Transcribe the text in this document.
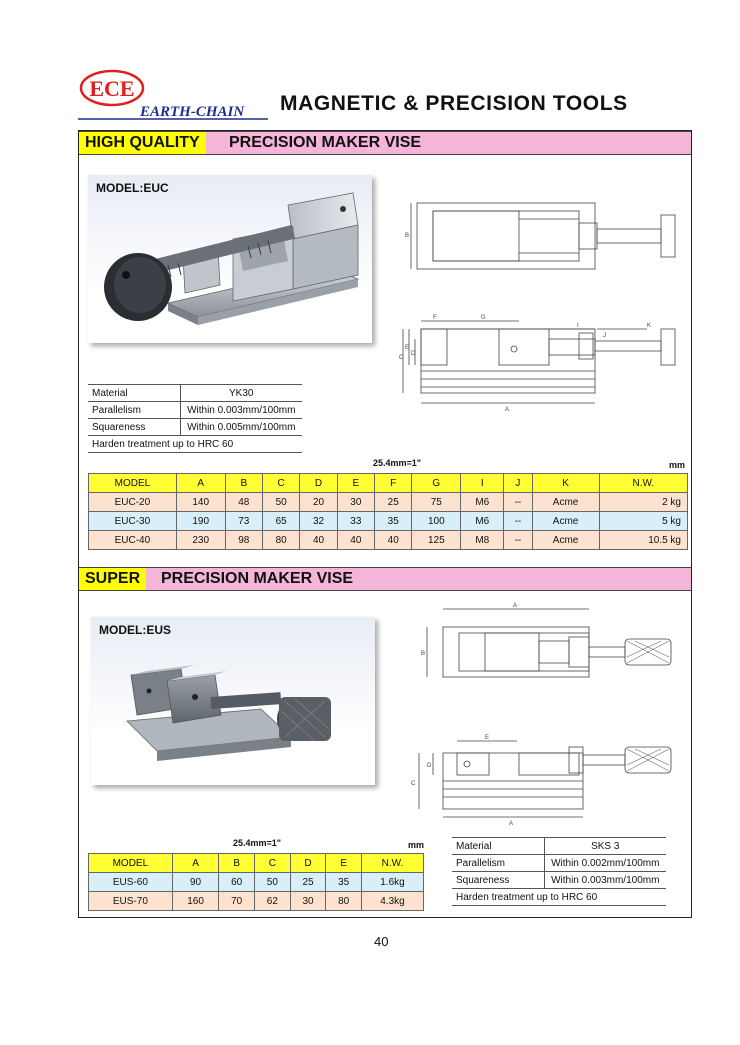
ECE
EARTH-CHAIN MAGNETIC & PRECISION TOOLS
HIGH QUALITY	PRECISION MAKER VISE
MODEL:EUC
B
F	G
K
I
J
C
E
D
A
Material	YK30
Parallelism	Within 0.003mm/100mm
Squareness	Within 0.005mm/100mm
Harden treatment up to HRC 60	
25.4mm=1"	mm
MODEL	A	B	C	D	E	F	G	I	J	K	N.W.
EUC-20	140	48	50	20	30	25	75	M6	--	Acme	2 kg
EUC-30	190	73	65	32	33	35	100	M6	--	Acme	5 kg
EUC-40	230	98	80	40	40	40	125	M8	--	Acme	10.5 kg
SUPER	PRECISION MAKER VISE
MODEL:EUS
A
B
E
D
C
A
25.4mm=1"	mm
MODEL	A	B	C	D	E	N.W.
EUS-60	90	60	50	25	35	1.6kg
EUS-70	160	70	62	30	80	4.3kg
Material	SKS 3
Parallelism	Within 0.002mm/100mm
Squareness	Within 0.003mm/100mm
Harden treatment up to HRC 60	
40
